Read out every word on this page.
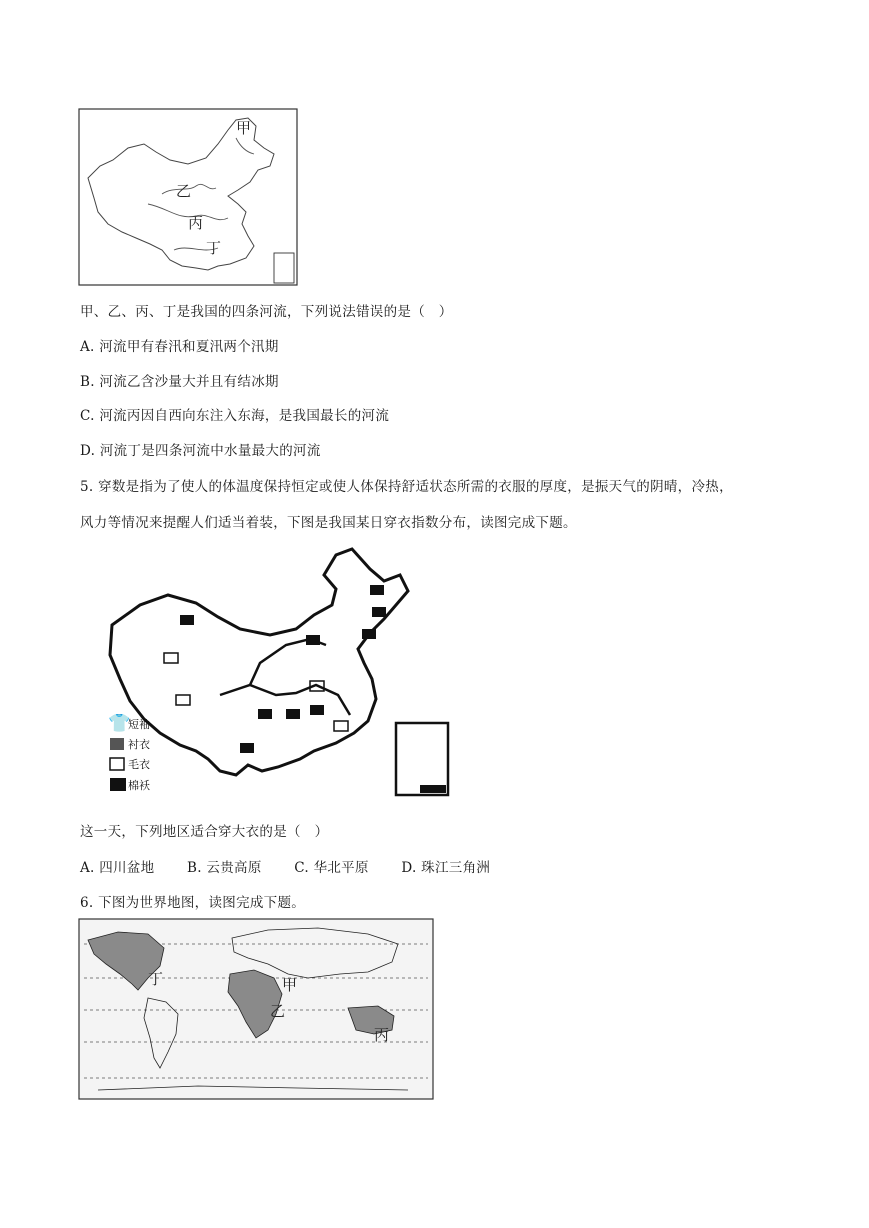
甲
乙
丙
丁
甲、乙、丙、丁是我国的四条河流，下列说法错误的是（　）
A. 河流甲有春汛和夏汛两个汛期
B. 河流乙含沙量大并且有结冰期
C. 河流丙因自西向东注入东海，是我国最长的河流
D. 河流丁是四条河流中水量最大的河流
5. 穿数是指为了使人的体温度保持恒定或使人体保持舒适状态所需的衣服的厚度，是振天气的阴晴，冷热，
风力等情况来提醒人们适当着装，下图是我国某日穿衣指数分布，读图完成下题。
👕
短袖
衬衣
毛衣
棉袄
这一天，下列地区适合穿大衣的是（　）
A. 四川盆地 B. 云贵高原 C. 华北平原 D. 珠江三角洲
6. 下图为世界地图，读图完成下题。
丁	甲
乙
丙
